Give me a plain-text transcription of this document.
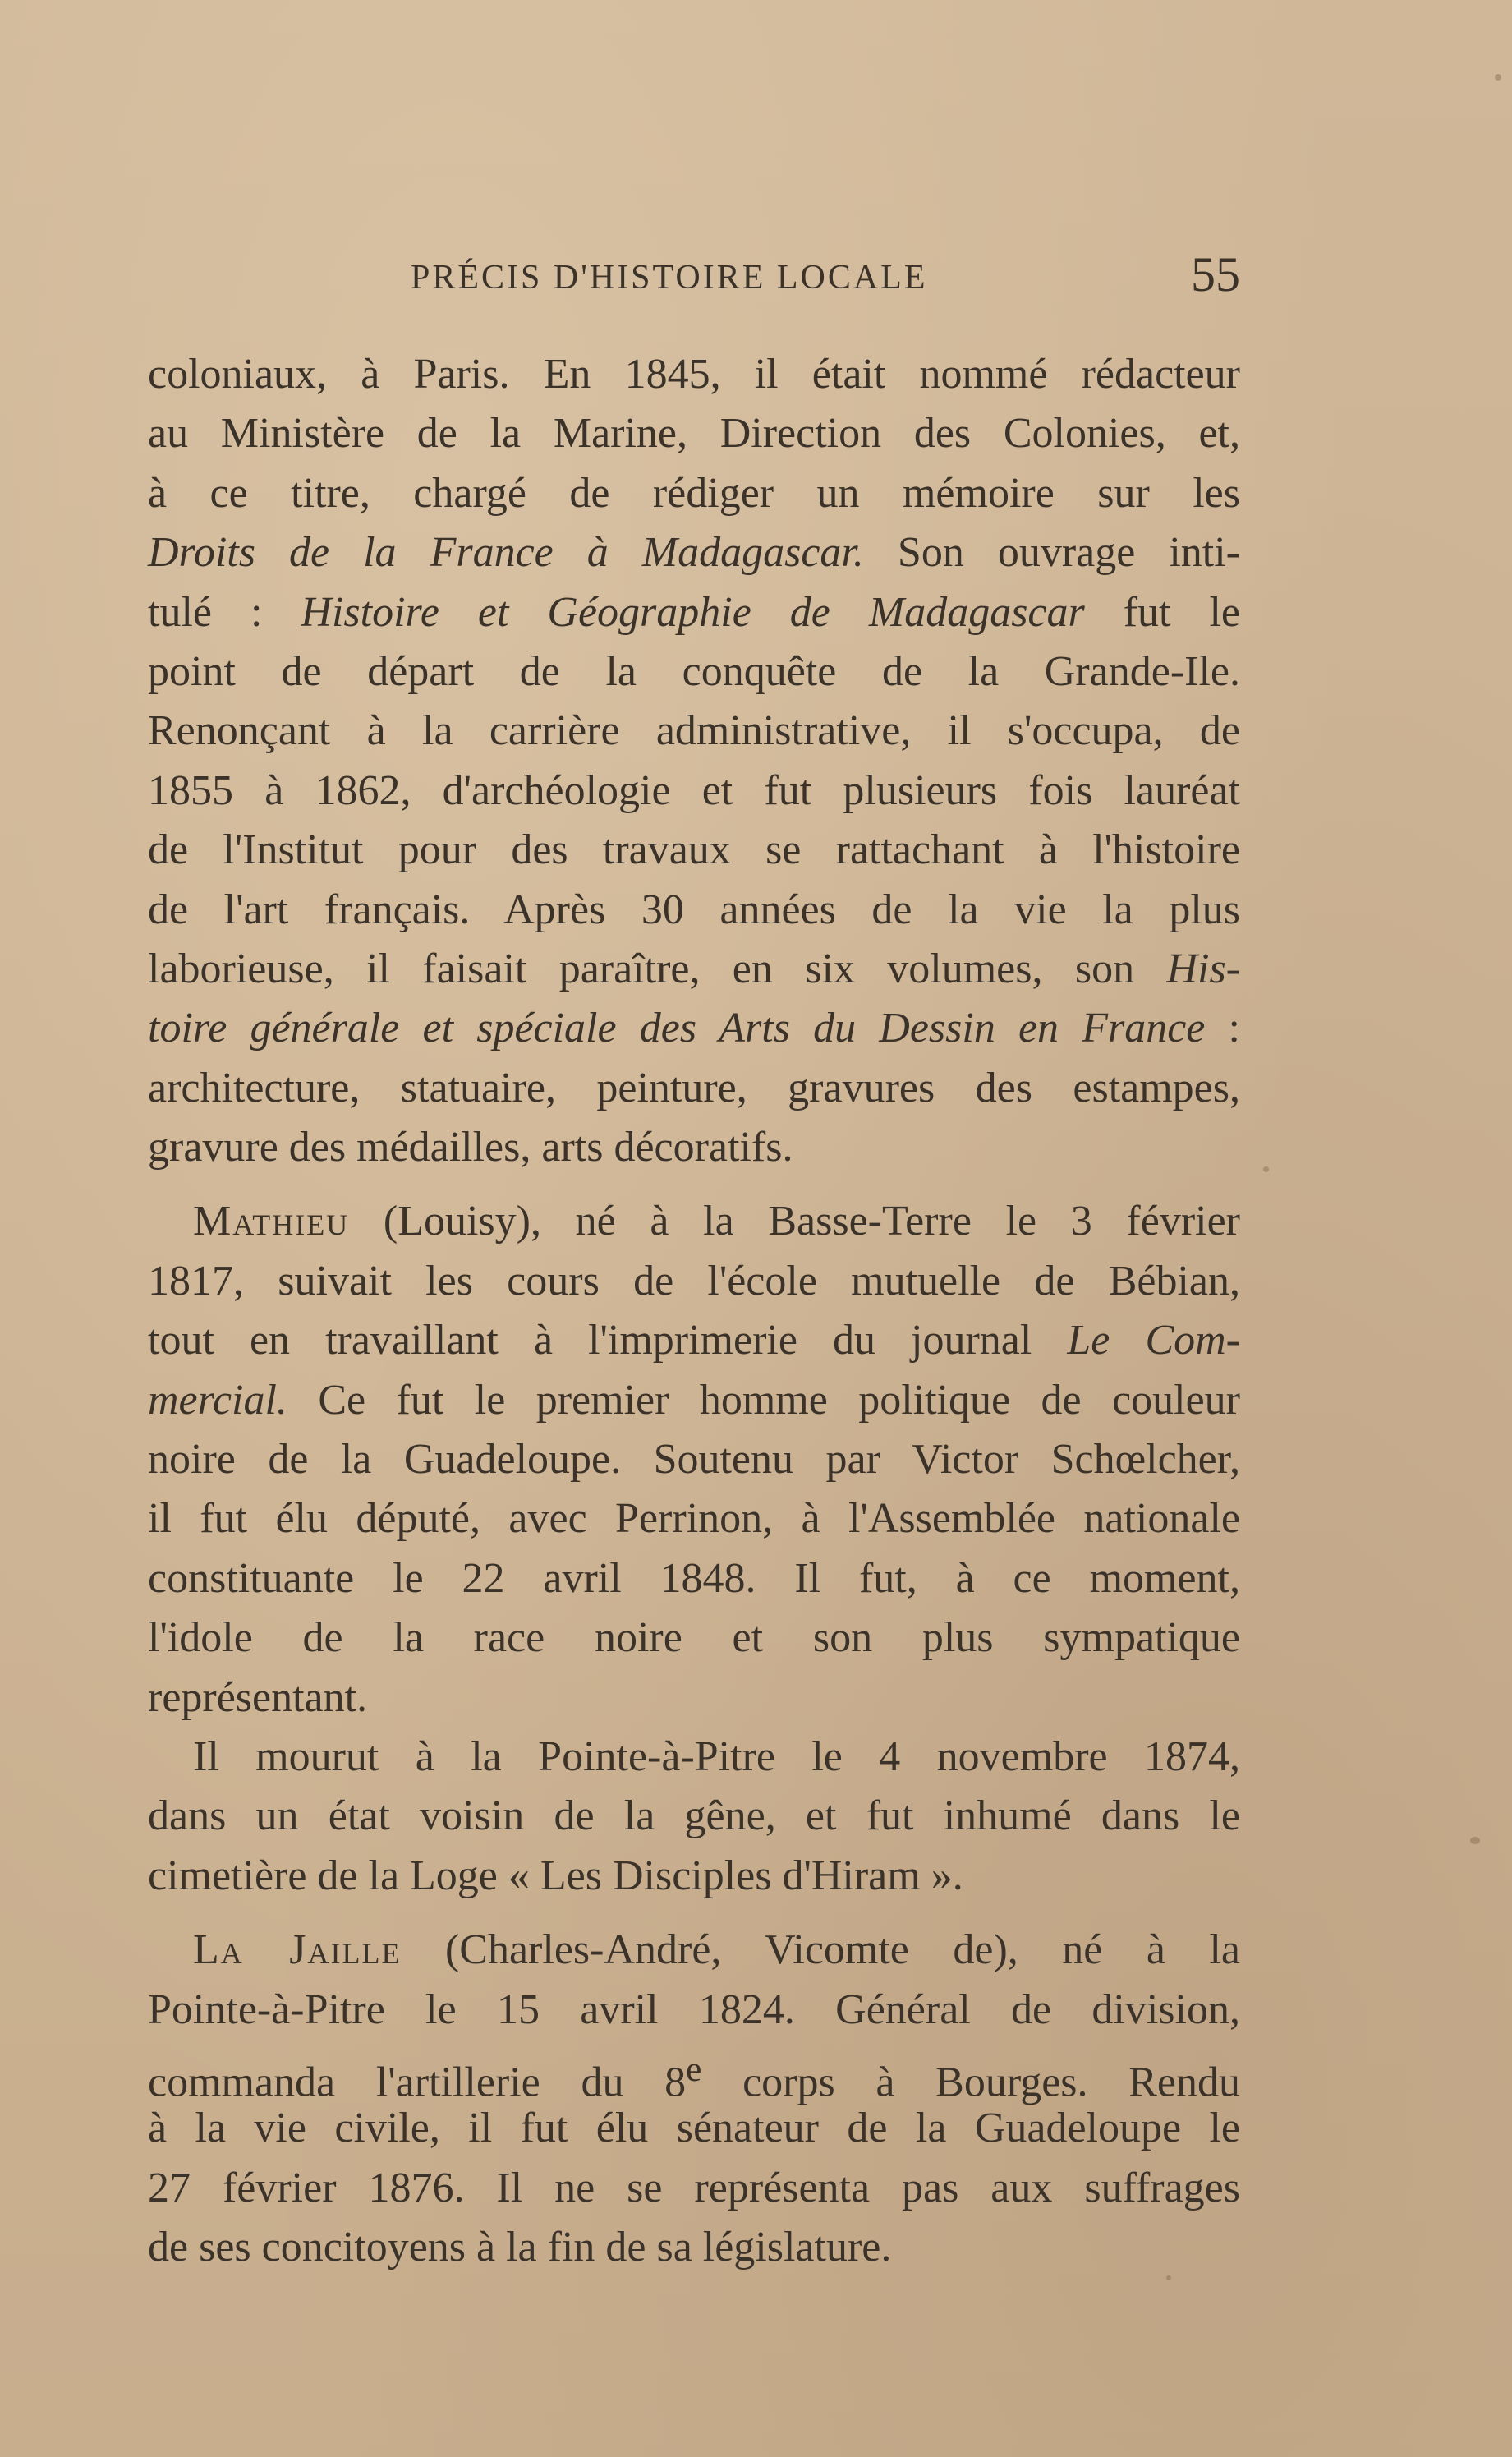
PRÉCIS D'HISTOIRE LOCALE	55
coloniaux, à Paris. En 1845, il était nommé rédacteur
au Ministère de la Marine, Direction des Colonies, et,
à ce titre, chargé de rédiger un mémoire sur les
Droits de la France à Madagascar. Son ouvrage inti-
tulé : Histoire et Géographie de Madagascar fut le
point de départ de la conquête de la Grande-Ile.
Renonçant à la carrière administrative, il s'occupa, de
1855 à 1862, d'archéologie et fut plusieurs fois lauréat
de l'Institut pour des travaux se rattachant à l'histoire
de l'art français. Après 30 années de la vie la plus
laborieuse, il faisait paraître, en six volumes, son His-
toire générale et spéciale des Arts du Dessin en France :
architecture, statuaire, peinture, gravures des estampes,
gravure des médailles, arts décoratifs.
Mathieu (Louisy), né à la Basse-Terre le 3 février
1817, suivait les cours de l'école mutuelle de Bébian,
tout en travaillant à l'imprimerie du journal Le Com-
mercial. Ce fut le premier homme politique de couleur
noire de la Guadeloupe. Soutenu par Victor Schœlcher,
il fut élu député, avec Perrinon, à l'Assemblée nationale
constituante le 22 avril 1848. Il fut, à ce moment,
l'idole de la race noire et son plus sympatique
représentant.
Il mourut à la Pointe-à-Pitre le 4 novembre 1874,
dans un état voisin de la gêne, et fut inhumé dans le
cimetière de la Loge « Les Disciples d'Hiram ».
La Jaille (Charles-André, Vicomte de), né à la
Pointe-à-Pitre le 15 avril 1824. Général de division,
commanda l'artillerie du 8e corps à Bourges. Rendu
à la vie civile, il fut élu sénateur de la Guadeloupe le
27 février 1876. Il ne se représenta pas aux suffrages
de ses concitoyens à la fin de sa législature.
